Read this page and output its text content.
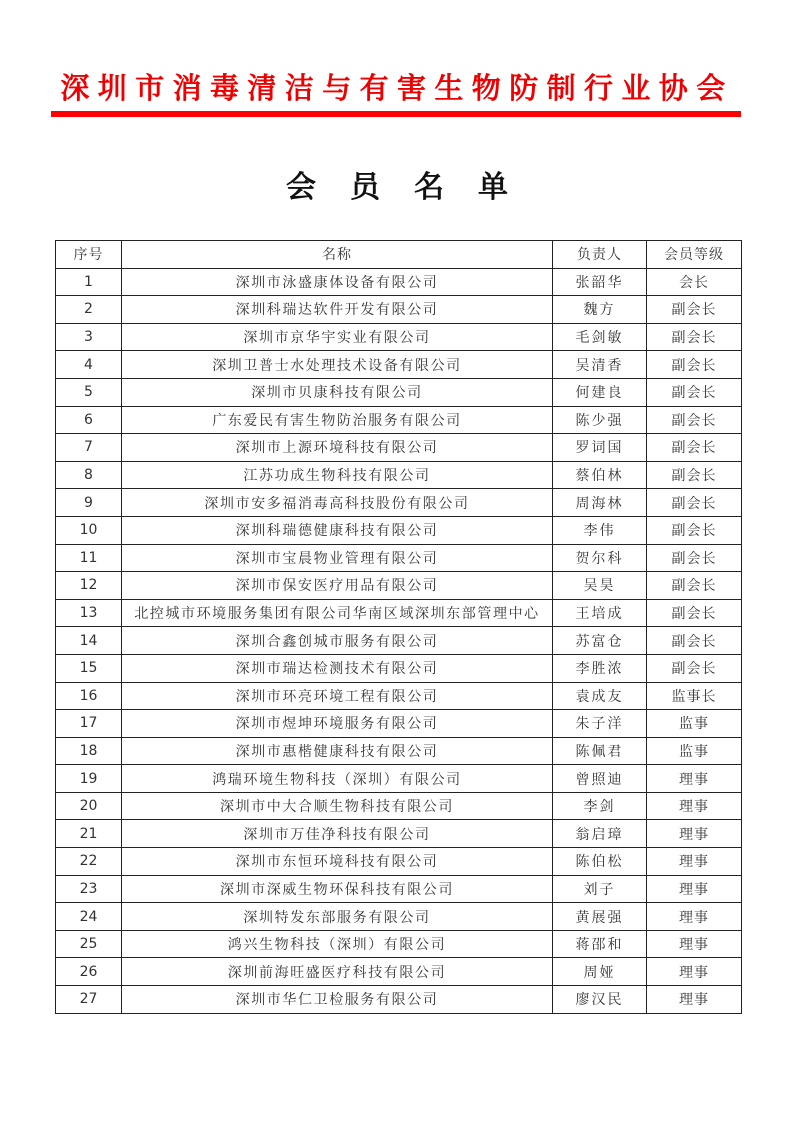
深圳市消毒清洁与有害生物防制行业协会
会员名单
序号	名称	负责人	会员等级
1	深圳市泳盛康体设备有限公司	张韶华	会长
2	深圳科瑞达软件开发有限公司	魏方	副会长
3	深圳市京华宇实业有限公司	毛剑敏	副会长
4	深圳卫普士水处理技术设备有限公司	吴清香	副会长
5	深圳市贝康科技有限公司	何建良	副会长
6	广东爱民有害生物防治服务有限公司	陈少强	副会长
7	深圳市上源环境科技有限公司	罗词国	副会长
8	江苏功成生物科技有限公司	蔡伯林	副会长
9	深圳市安多福消毒高科技股份有限公司	周海林	副会长
10	深圳科瑞德健康科技有限公司	李伟	副会长
11	深圳市宝晨物业管理有限公司	贺尔科	副会长
12	深圳市保安医疗用品有限公司	吴昊	副会长
13	北控城市环境服务集团有限公司华南区域深圳东部管理中心	王培成	副会长
14	深圳合鑫创城市服务有限公司	苏富仓	副会长
15	深圳市瑞达检测技术有限公司	李胜浓	副会长
16	深圳市环亮环境工程有限公司	袁成友	监事长
17	深圳市煜坤环境服务有限公司	朱子洋	监事
18	深圳市惠楷健康科技有限公司	陈佩君	监事
19	鸿瑞环境生物科技（深圳）有限公司	曾照迪	理事
20	深圳市中大合顺生物科技有限公司	李剑	理事
21	深圳市万佳净科技有限公司	翁启璋	理事
22	深圳市东恒环境科技有限公司	陈伯松	理事
23	深圳市深威生物环保科技有限公司	刘子	理事
24	深圳特发东部服务有限公司	黄展强	理事
25	鸿兴生物科技（深圳）有限公司	蒋邵和	理事
26	深圳前海旺盛医疗科技有限公司	周娅	理事
27	深圳市华仁卫检服务有限公司	廖汉民	理事
